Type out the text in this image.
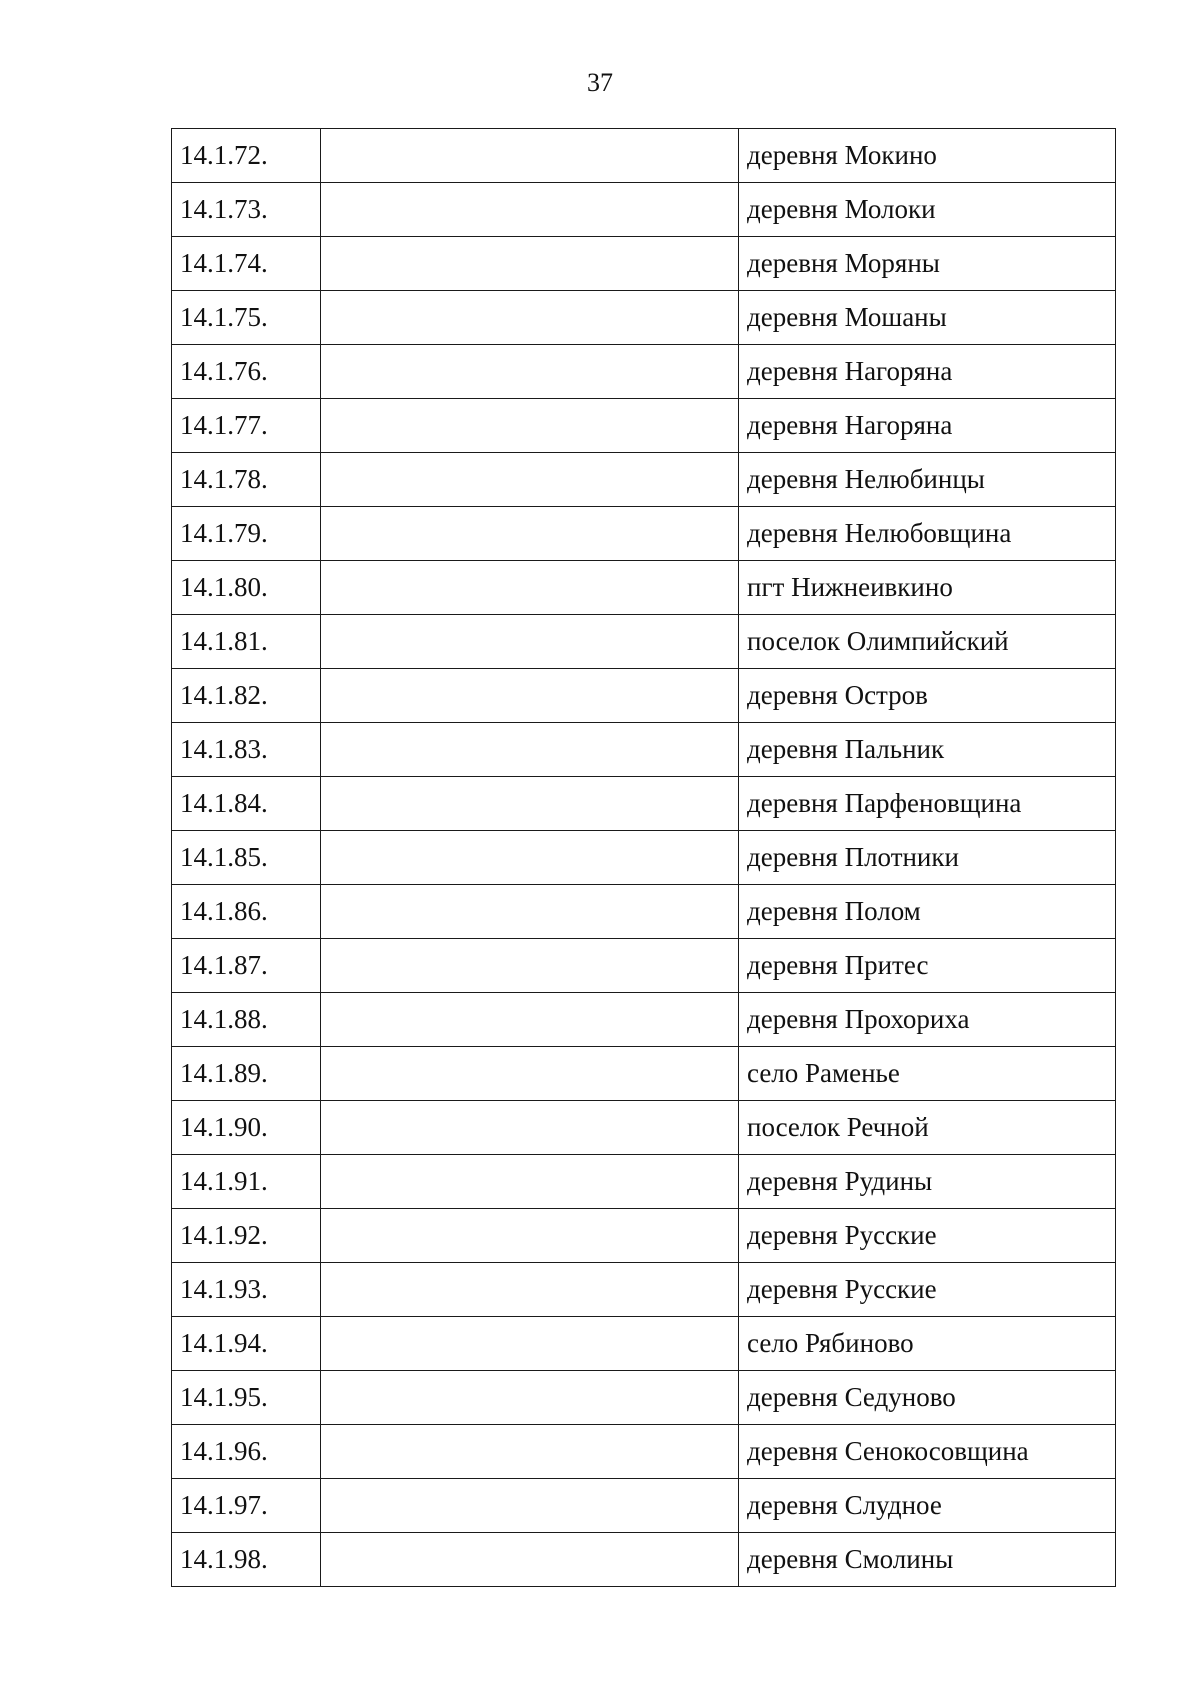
37
14.1.72.		деревня Мокино
14.1.73.		деревня Молоки
14.1.74.		деревня Моряны
14.1.75.		деревня Мошаны
14.1.76.		деревня Нагоряна
14.1.77.		деревня Нагоряна
14.1.78.		деревня Нелюбинцы
14.1.79.		деревня Нелюбовщина
14.1.80.		пгт Нижнеивкино
14.1.81.		поселок Олимпийский
14.1.82.		деревня Остров
14.1.83.		деревня Пальник
14.1.84.		деревня Парфеновщина
14.1.85.		деревня Плотники
14.1.86.		деревня Полом
14.1.87.		деревня Притес
14.1.88.		деревня Прохориха
14.1.89.		село Раменье
14.1.90.		поселок Речной
14.1.91.		деревня Рудины
14.1.92.		деревня Русские
14.1.93.		деревня Русские
14.1.94.		село Рябиново
14.1.95.		деревня Седуново
14.1.96.		деревня Сенокосовщина
14.1.97.		деревня Слудное
14.1.98.		деревня Смолины
